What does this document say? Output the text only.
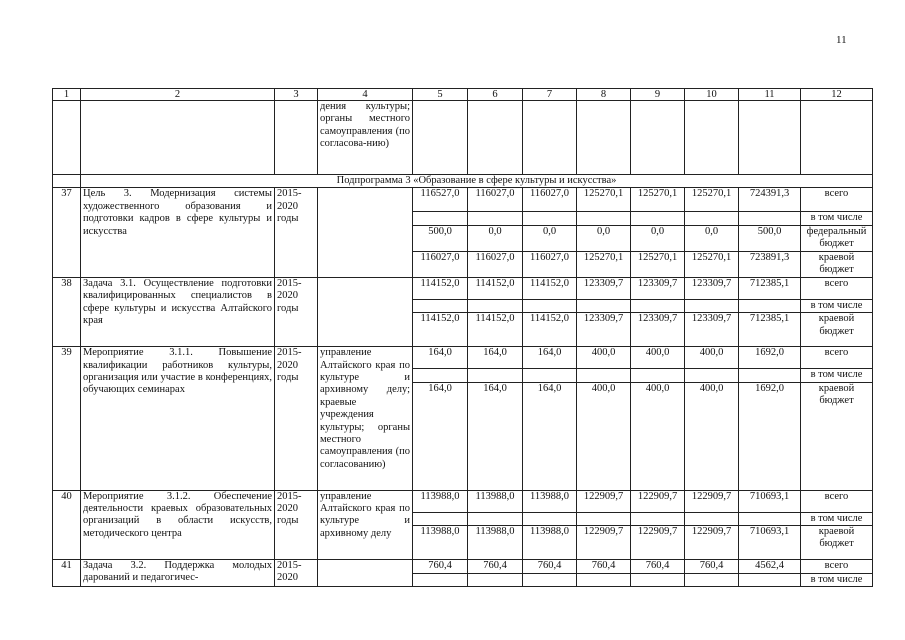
11
1	2	3	4	5	6	7	8	9	10	11	12
			дения культуры; органы местного самоуправления (по согласова-нию)								
	Подпрограмма 3 «Образование в сфере культуры и искусства»										
37	Цель 3. Модернизация системы художественного образования и подготовки кадров в сфере культуры и искусства	2015-2020 годы		116527,0	116027,0	116027,0	125270,1	125270,1	125270,1	724391,3	всего
											в том числе
				500,0	0,0	0,0	0,0	0,0	0,0	500,0	федеральный бюджет
				116027,0	116027,0	116027,0	125270,1	125270,1	125270,1	723891,3	краевой бюджет
38	Задача 3.1. Осуществление подготовки квалифицированных специалистов в сфере культуры и искусства Алтайского края	2015-2020 годы		114152,0	114152,0	114152,0	123309,7	123309,7	123309,7	712385,1	всего
											в том числе
				114152,0	114152,0	114152,0	123309,7	123309,7	123309,7	712385,1	краевой бюджет
39	Мероприятие 3.1.1. Повышение квалификации работников культуры, организация или участие в конференциях, обучающих семинарах	2015-2020 годы	управление Алтайского края по культуре и архивному делу; краевые учреждения культуры; органы местного самоуправления (по согласованию)	164,0	164,0	164,0	400,0	400,0	400,0	1692,0	всего
											в том числе
				164,0	164,0	164,0	400,0	400,0	400,0	1692,0	краевой бюджет
40	Мероприятие 3.1.2. Обеспечение деятельности краевых образовательных организаций в области искусств, методического центра	2015-2020 годы	управление Алтайского края по культуре и архивному делу	113988,0	113988,0	113988,0	122909,7	122909,7	122909,7	710693,1	всего
											в том числе
				113988,0	113988,0	113988,0	122909,7	122909,7	122909,7	710693,1	краевой бюджет
41	Задача 3.2. Поддержка молодых дарований и педагогичес-	2015-2020		760,4	760,4	760,4	760,4	760,4	760,4	4562,4	всего
											в том числе
